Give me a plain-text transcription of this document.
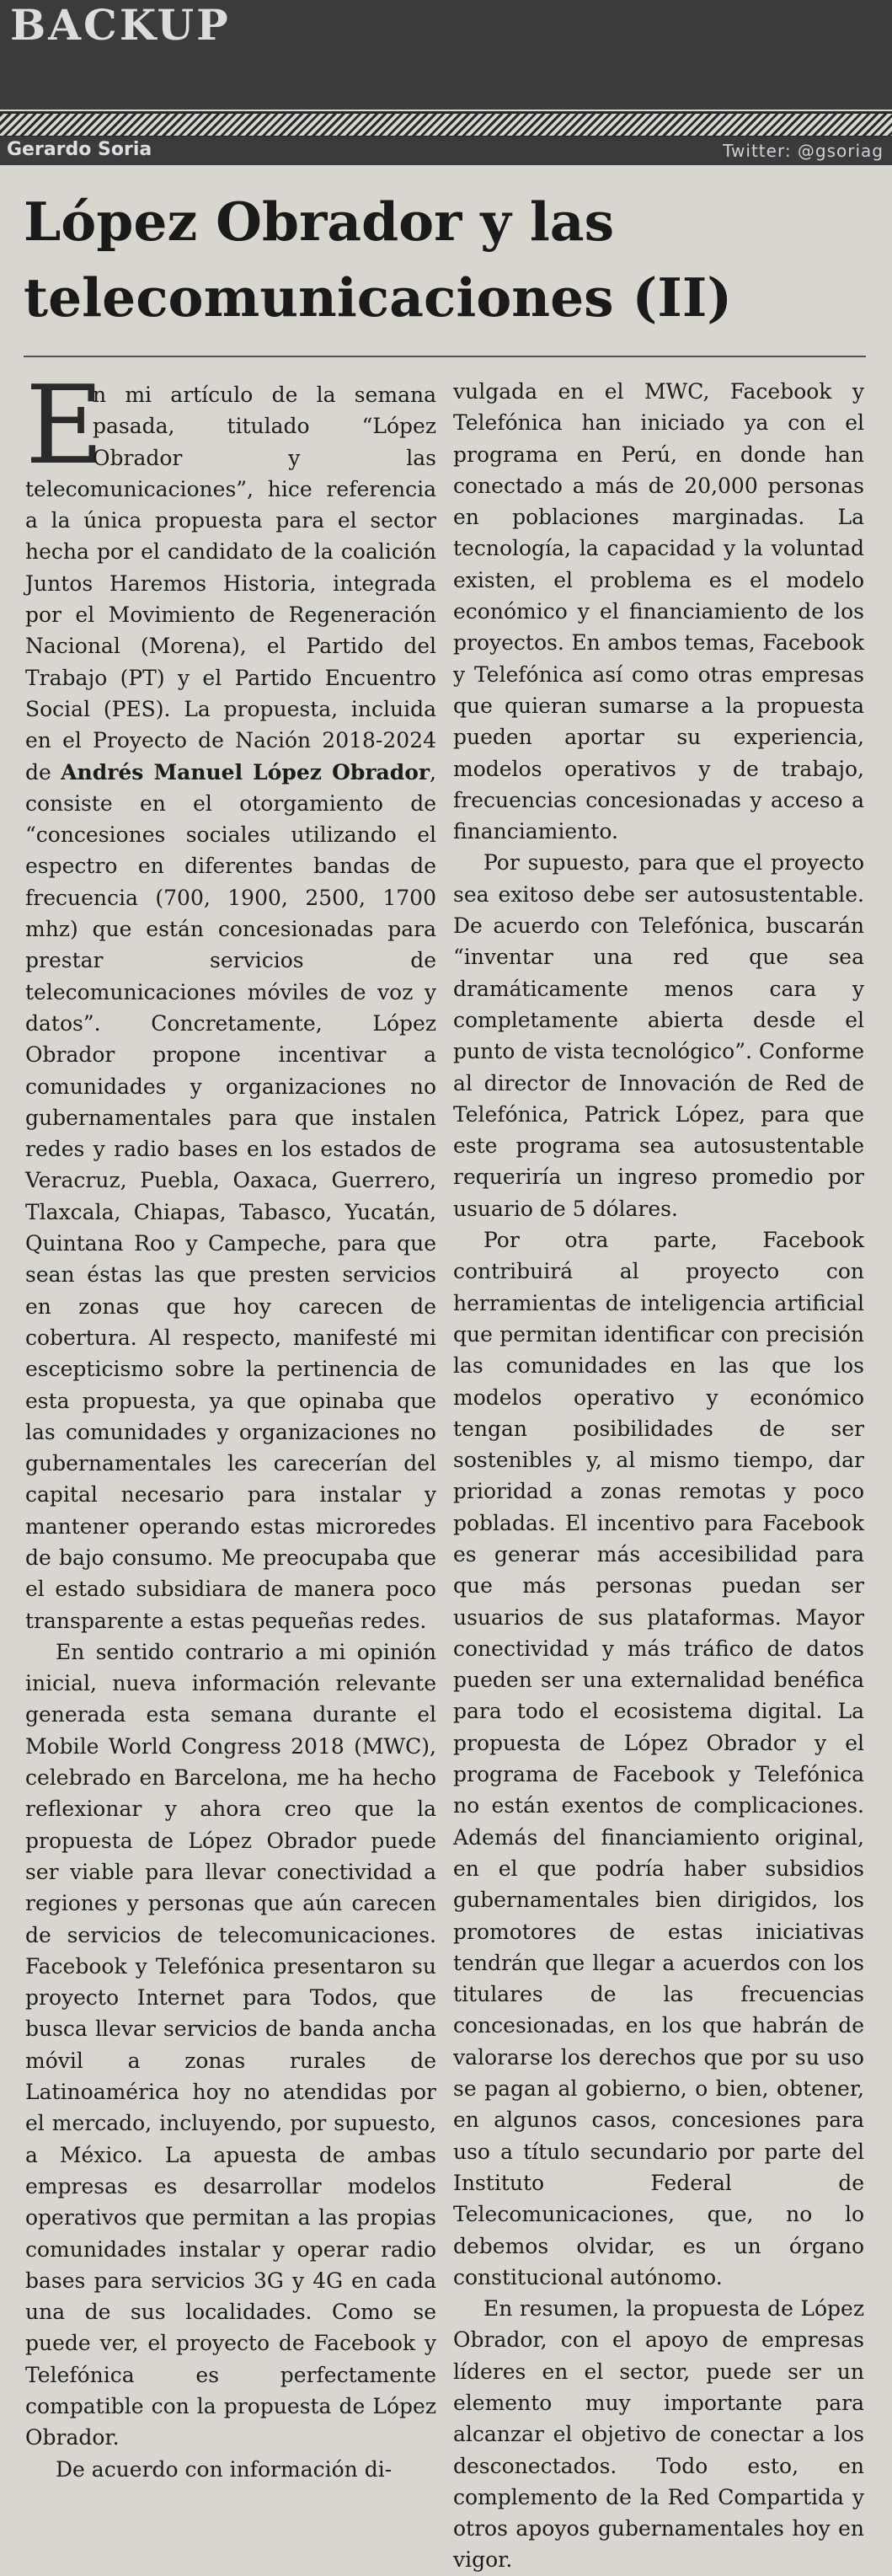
BACKUP
Gerardo Soria	Twitter: @gsoriag
López Obrador y las telecomunicaciones (II)

E
n mi artículo de la semana pasada, titulado “López Obrador y las telecomunicaciones”, hice referencia a la única propuesta para el sector hecha por el candidato de la coalición Juntos Haremos Historia, integrada por el Movimiento de Regeneración Nacional (Morena), el Partido del Trabajo (PT) y el Partido Encuentro Social (PES). La propuesta, incluida en el Proyecto de Nación 2018-2024 de Andrés Manuel López Obrador, consiste en el otorgamiento de “concesiones sociales utilizando el espectro en diferentes bandas de frecuencia (700, 1900, 2500, 1700 mhz) que están concesionadas para prestar servicios de telecomunicaciones móviles de voz y datos”. Concretamente, López Obrador propone incentivar a comunidades y organizaciones no gubernamentales para que instalen redes y radio bases en los estados de Veracruz, Puebla, Oaxaca, Guerrero, Tlaxcala, Chiapas, Tabasco, Yucatán, Quintana Roo y Campeche, para que sean éstas las que presten servicios en zonas que hoy carecen de cobertura. Al respecto, manifesté mi escepticismo sobre la pertinencia de esta propuesta, ya que opinaba que las comunidades y organizaciones no gubernamentales les carecerían del capital necesario para instalar y mantener operando estas microredes de bajo consumo. Me preocupaba que el estado subsidiara de manera poco transparente a estas pequeñas redes.

En sentido contrario a mi opinión inicial, nueva información relevante generada esta semana durante el Mobile World Congress 2018 (MWC), celebrado en Barcelona, me ha hecho reflexionar y ahora creo que la propuesta de López Obrador puede ser viable para llevar conectividad a regiones y personas que aún carecen de servicios de telecomunicaciones. Facebook y Telefónica presentaron su proyecto Internet para Todos, que busca llevar servicios de banda ancha móvil a zonas rurales de Latinoamérica hoy no atendidas por el mercado, incluyendo, por supuesto, a México. La apuesta de ambas empresas es desarrollar modelos operativos que permitan a las propias comunidades instalar y operar radio bases para servicios 3G y 4G en cada una de sus localidades. Como se puede ver, el proyecto de Facebook y Telefónica es perfectamente compatible con la propuesta de López Obrador.

De acuerdo con información di-

vulgada en el MWC, Facebook y Telefónica han iniciado ya con el programa en Perú, en donde han conectado a más de 20,000 personas en poblaciones marginadas. La tecnología, la capacidad y la voluntad existen, el problema es el modelo económico y el financiamiento de los proyectos. En ambos temas, Facebook y Telefónica así como otras empresas que quieran sumarse a la propuesta pueden aportar su experiencia, modelos operativos y de trabajo, frecuencias concesionadas y acceso a financiamiento.

Por supuesto, para que el proyecto sea exitoso debe ser autosustentable. De acuerdo con Telefónica, buscarán “inventar una red que sea dramáticamente menos cara y completamente abierta desde el punto de vista tecnológico”. Conforme al director de Innovación de Red de Telefónica, Patrick López, para que este programa sea autosustentable requeriría un ingreso promedio por usuario de 5 dólares.

Por otra parte, Facebook contribuirá al proyecto con herramientas de inteligencia artificial que permitan identificar con precisión las comunidades en las que los modelos operativo y económico tengan posibilidades de ser sostenibles y, al mismo tiempo, dar prioridad a zonas remotas y poco pobladas. El incentivo para Facebook es generar más accesibilidad para que más personas puedan ser usuarios de sus plataformas. Mayor conectividad y más tráfico de datos pueden ser una externalidad benéfica para todo el ecosistema digital. La propuesta de López Obrador y el programa de Facebook y Telefónica no están exentos de complicaciones. Además del financiamiento original, en el que podría haber subsidios gubernamentales bien dirigidos, los promotores de estas iniciativas tendrán que llegar a acuerdos con los titulares de las frecuencias concesionadas, en los que habrán de valorarse los derechos que por su uso se pagan al gobierno, o bien, obtener, en algunos casos, concesiones para uso a título secundario por parte del Instituto Federal de Telecomunicaciones, que, no lo debemos olvidar, es un órgano constitucional autónomo.

En resumen, la propuesta de López Obrador, con el apoyo de empresas líderes en el sector, puede ser un elemento muy importante para alcanzar el objetivo de conectar a los desconectados. Todo esto, en complemento de la Red Compartida y otros apoyos gubernamentales hoy en vigor.
